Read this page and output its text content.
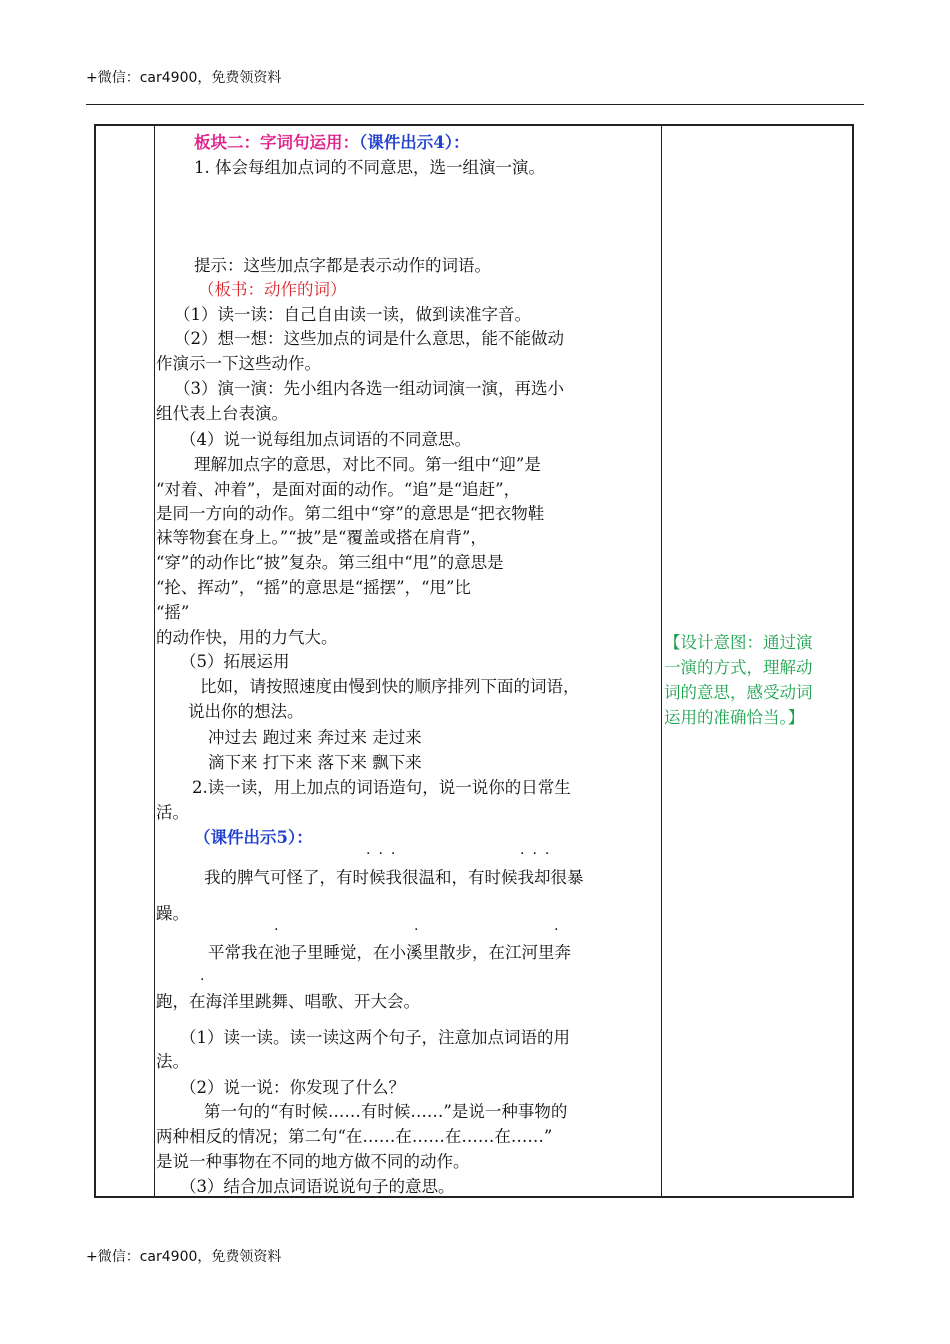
+微信：car4900，免费领资料
板块二：字词句运用：（课件出示4）：
1. 体会每组加点词的不同意思，选一组演一演。
提示：这些加点字都是表示动作的词语。
（板书：动作的词）
（1）读一读：自己自由读一读，做到读准字音。
（2）想一想：这些加点的词是什么意思，能不能做动
作演示一下这些动作。
（3）演一演：先小组内各选一组动词演一演，再选小
组代表上台表演。
（4）说一说每组加点词语的不同意思。
理解加点字的意思，对比不同。第一组中“迎”是
“对着、冲着”，是面对面的动作。“追”是“追赶”，
是同一方向的动作。第二组中“穿”的意思是“把衣物鞋
袜等物套在身上。”“披”是“覆盖或搭在肩背”，
“穿”的动作比“披”复杂。第三组中“甩”的意思是
“抡、挥动”，“摇”的意思是“摇摆”，“甩”比
“摇”
的动作快，用的力气大。
（5）拓展运用
比如，请按照速度由慢到快的顺序排列下面的词语，
说出你的想法。
冲过去 跑过来 奔过来 走过来
滴下来 打下来 落下来 飘下来
2.读一读，用上加点的词语造句，说一说你的日常生
活。
（课件出示5）：
...	...
我的脾气可怪了，有时候我很温和，有时候我却很暴
躁。
.	.	.
平常我在池子里睡觉，在小溪里散步，在江河里奔
.
跑，在海洋里跳舞、唱歌、开大会。
（1）读一读。读一读这两个句子，注意加点词语的用
法。
（2）说一说：你发现了什么？
第一句的“有时候……有时候……”是说一种事物的
两种相反的情况；第二句“在……在……在……在……”
是说一种事物在不同的地方做不同的动作。
（3）结合加点词语说说句子的意思。
【设计意图：通过演
一演的方式，理解动
词的意思，感受动词
运用的准确恰当。】
+微信：car4900，免费领资料
